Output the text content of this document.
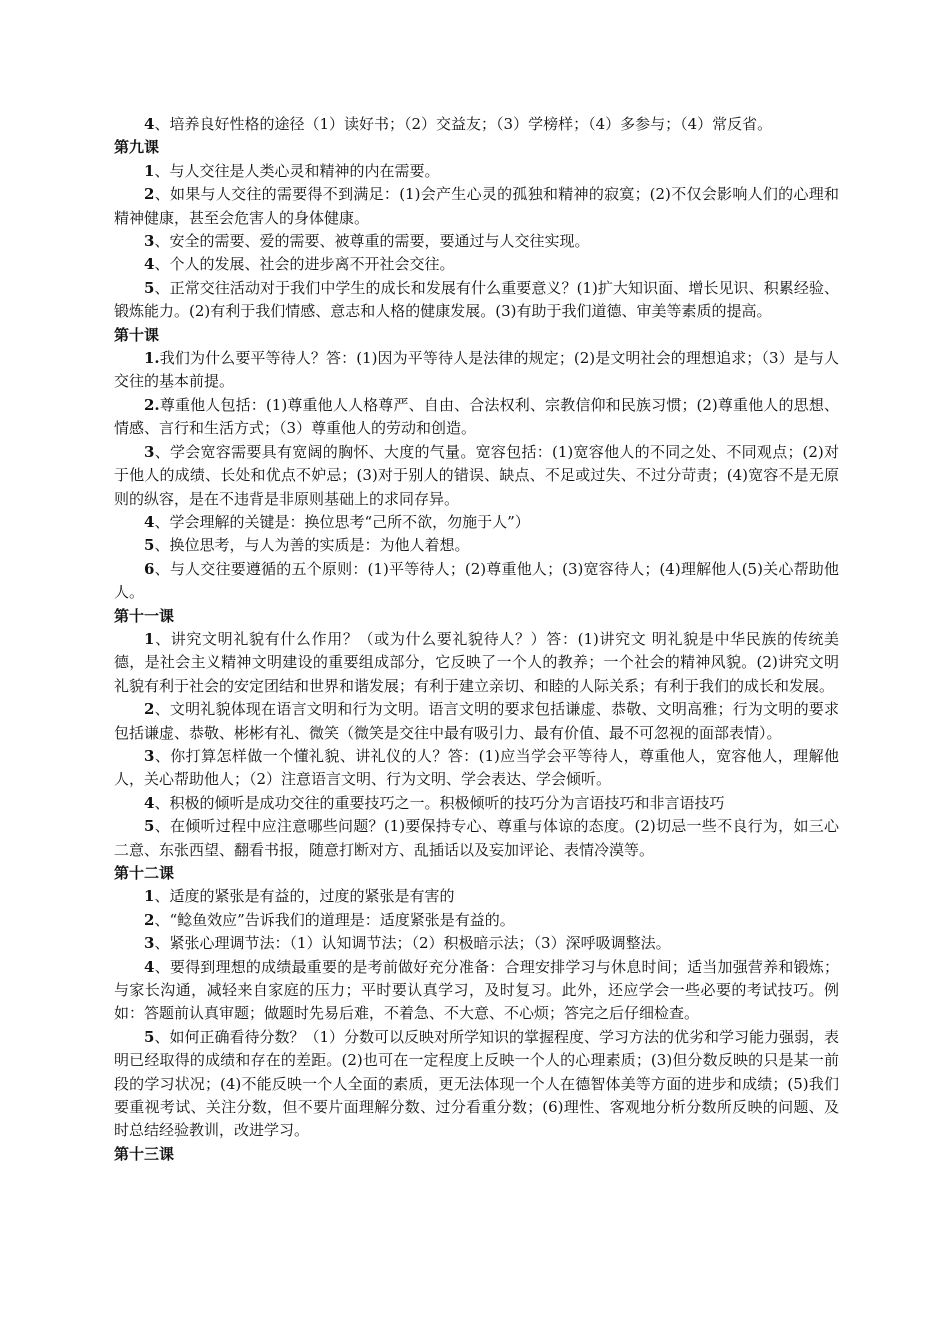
4、培养良好性格的途径（1）读好书；（2）交益友；（3）学榜样；（4）多参与；（4）常反省。

第九课

1、与人交往是人类心灵和精神的内在需要。

2、如果与人交往的需要得不到满足：(1)会产生心灵的孤独和精神的寂寞；(2)不仅会影响人们的心理和精神健康，甚至会危害人的身体健康。

3、安全的需要、爱的需要、被尊重的需要，要通过与人交往实现。

4、个人的发展、社会的进步离不开社会交往。

5、正常交往活动对于我们中学生的成长和发展有什么重要意义？(1)扩大知识面、增长见识、积累经验、锻炼能力。(2)有利于我们情感、意志和人格的健康发展。(3)有助于我们道德、审美等素质的提高。

第十课

1.我们为什么要平等待人？答：(1)因为平等待人是法律的规定；(2)是文明社会的理想追求；（3）是与人交往的基本前提。

2.尊重他人包括：(1)尊重他人人格尊严、自由、合法权利、宗教信仰和民族习惯；(2)尊重他人的思想、情感、言行和生活方式；（3）尊重他人的劳动和创造。

3、学会宽容需要具有宽阔的胸怀、大度的气量。宽容包括：(1)宽容他人的不同之处、不同观点；(2)对于他人的成绩、长处和优点不妒忌；(3)对于别人的错误、缺点、不足或过失、不过分苛责；(4)宽容不是无原则的纵容，是在不违背是非原则基础上的求同存异。

4、学会理解的关键是：换位思考“己所不欲，勿施于人”）

5、换位思考，与人为善的实质是：为他人着想。

6、与人交往要遵循的五个原则：(1)平等待人；(2)尊重他人；(3)宽容待人；(4)理解他人(5)关心帮助他人。

第十一课

1、讲究文明礼貌有什么作用？（或为什么要礼貌待人？）答：(1)讲究文 明礼貌是中华民族的传统美德，是社会主义精神文明建设的重要组成部分，它反映了一个人的教养；一个社会的精神风貌。(2)讲究文明礼貌有利于社会的安定团结和世界和谐发展；有利于建立亲切、和睦的人际关系；有利于我们的成长和发展。

2、文明礼貌体现在语言文明和行为文明。语言文明的要求包括谦虚、恭敬、文明高雅；行为文明的要求包括谦虚、恭敬、彬彬有礼、微笑（微笑是交往中最有吸引力、最有价值、最不可忽视的面部表情）。

3、你打算怎样做一个懂礼貌、讲礼仪的人？答：(1)应当学会平等待人，尊重他人，宽容他人，理解他人，关心帮助他人；（2）注意语言文明、行为文明、学会表达、学会倾听。

4、积极的倾听是成功交往的重要技巧之一。积极倾听的技巧分为言语技巧和非言语技巧

5、在倾听过程中应注意哪些问题？(1)要保持专心、尊重与体谅的态度。(2)切忌一些不良行为，如三心二意、东张西望、翻看书报，随意打断对方、乱插话以及妄加评论、表情冷漠等。

第十二课

1、适度的紧张是有益的，过度的紧张是有害的

2、“鲶鱼效应”告诉我们的道理是：适度紧张是有益的。

3、紧张心理调节法：（1）认知调节法；（2）积极暗示法；（3）深呼吸调整法。

4、要得到理想的成绩最重要的是考前做好充分准备：合理安排学习与休息时间；适当加强营养和锻炼；与家长沟通，减轻来自家庭的压力；平时要认真学习，及时复习。此外，还应学会一些必要的考试技巧。例如：答题前认真审题；做题时先易后难，不着急、不大意、不心烦；答完之后仔细检查。

5、如何正确看待分数？（1）分数可以反映对所学知识的掌握程度、学习方法的优劣和学习能力强弱，表明已经取得的成绩和存在的差距。(2)也可在一定程度上反映一个人的心理素质；(3)但分数反映的只是某一前段的学习状况；(4)不能反映一个人全面的素质，更无法体现一个人在德智体美等方面的进步和成绩；(5)我们要重视考试、关注分数，但不要片面理解分数、过分看重分数；(6)理性、客观地分析分数所反映的问题、及时总结经验教训，改进学习。

第十三课
